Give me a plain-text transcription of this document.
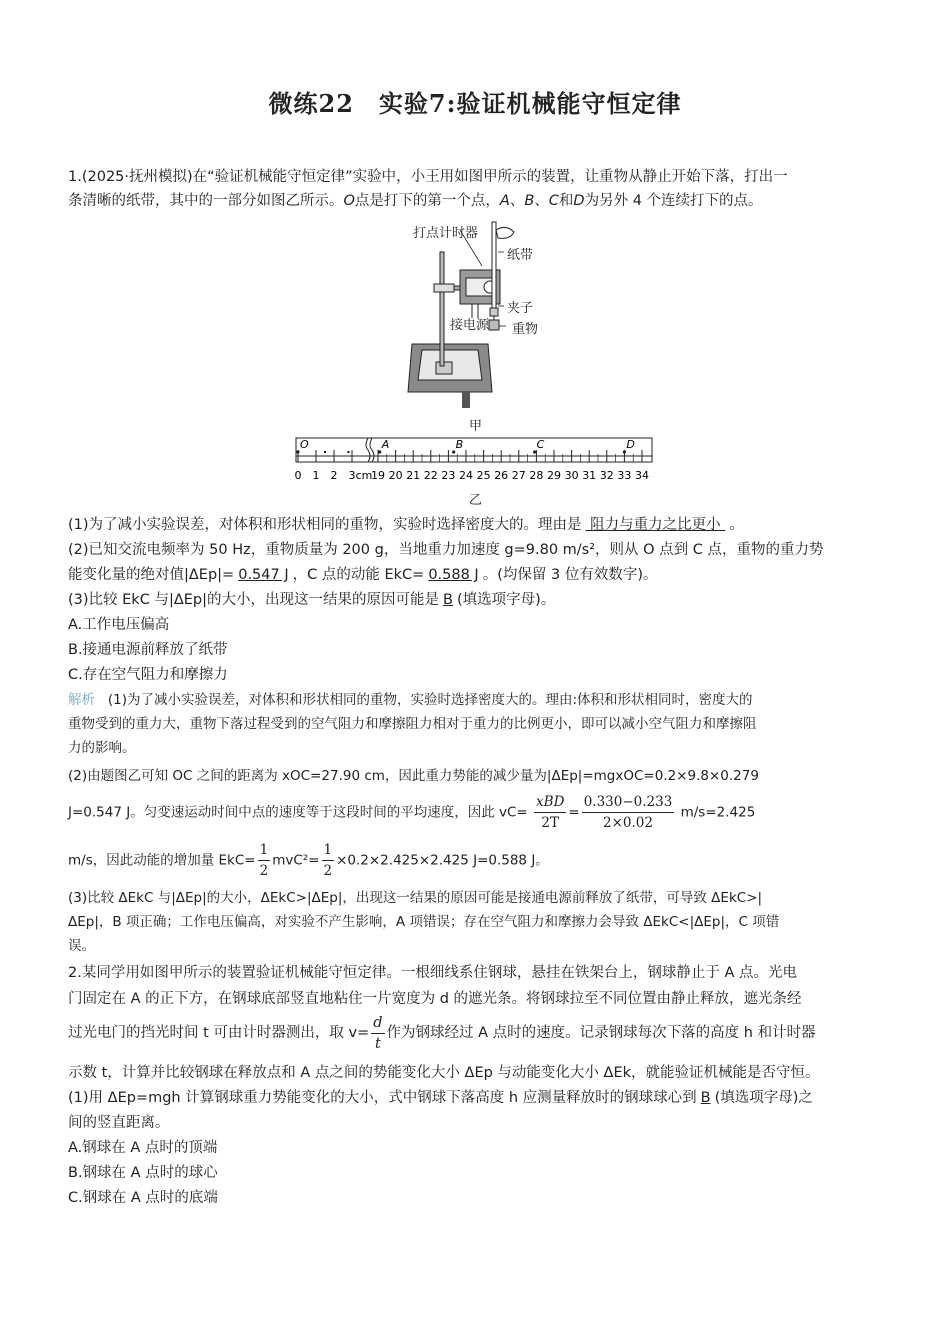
微练22　实验7:验证机械能守恒定律
1.(2025·抚州模拟)在“验证机械能守恒定律”实验中，小王用如图甲所示的装置，让重物从静止开始下落，打出一
条清晰的纸带，其中的一部分如图乙所示。O点是打下的第一个点，A、B、C和D为另外 4 个连续打下的点。
打点计时器
纸带
夹子
接电源 重物
甲
O	A	B	C	D
0 1 2 3 cm
19 20 21 22 23 24 25 26 27 28 29 30 31 32 33 34
乙
(1)为了减小实验误差，对体积和形状相同的重物，实验时选择密度大的。理由是 阻力与重力之比更小 。
(2)已知交流电频率为 50 Hz，重物质量为 200 g，当地重力加速度 g=9.80 m/s²，则从 O 点到 C 点，重物的重力势
能变化量的绝对值|ΔEp|= 0.547 J ，C 点的动能 EkC= 0.588 J 。(均保留 3 位有效数字)。
(3)比较 EkC 与|ΔEp|的大小，出现这一结果的原因可能是 B (填选项字母)。
A.工作电压偏高
B.接通电源前释放了纸带
C.存在空气阻力和摩擦力
解析 (1)为了减小实验误差，对体积和形状相同的重物，实验时选择密度大的。理由:体积和形状相同时，密度大的
重物受到的重力大，重物下落过程受到的空气阻力和摩擦阻力相对于重力的比例更小，即可以减小空气阻力和摩擦阻
力的影响。
(2)由题图乙可知 OC 之间的距离为 xOC=27.90 cm，因此重力势能的减少量为|ΔEp|=mgxOC=0.2×9.8×0.279
J=0.547 J。匀变速运动时间中点的速度等于这段时间的平均速度，因此 $vC= \frac{\text{xBD}}{2T} = \frac{0.330-0.233}{2\times 0.02} m/s=2.425$
m/s，因此动能的增加量 $EkC= \frac{1}{2} mvC^2= \frac{1}{2} \times 0.2\times 2.425\times 2.425$ J=0.588 J。
(3)比较 ΔEkC 与|ΔEp|的大小，ΔEkC>|ΔEp|，出现这一结果的原因可能是接通电源前释放了纸带，可导致 ΔEkC>|
ΔEp|，B 项正确；工作电压偏高，对实验不产生影响，A 项错误；存在空气阻力和摩擦力会导致 ΔEkC<|ΔEp|，C 项错
误。
2.某同学用如图甲所示的装置验证机械能守恒定律。一根细线系住钢球，悬挂在铁架台上，钢球静止于 A 点。光电
门固定在 A 的正下方，在钢球底部竖直地粘住一片宽度为 d 的遮光条。将钢球拉至不同位置由静止释放，遮光条经
过光电门的挡光时间 t 可由计时器测出，取 $v= \frac{d}{t}$ 作为钢球经过 A 点时的速度。记录钢球每次下落的高度 h 和计时器
示数 t，计算并比较钢球在释放点和 A 点之间的势能变化大小 ΔEp 与动能变化大小 ΔEk，就能验证机械能是否守恒。
(1)用 ΔEp=mgh 计算钢球重力势能变化的大小，式中钢球下落高度 h 应测量释放时的钢球球心到 B (填选项字母)之
间的竖直距离。
A.钢球在 A 点时的顶端
B.钢球在 A 点时的球心
C.钢球在 A 点时的底端
